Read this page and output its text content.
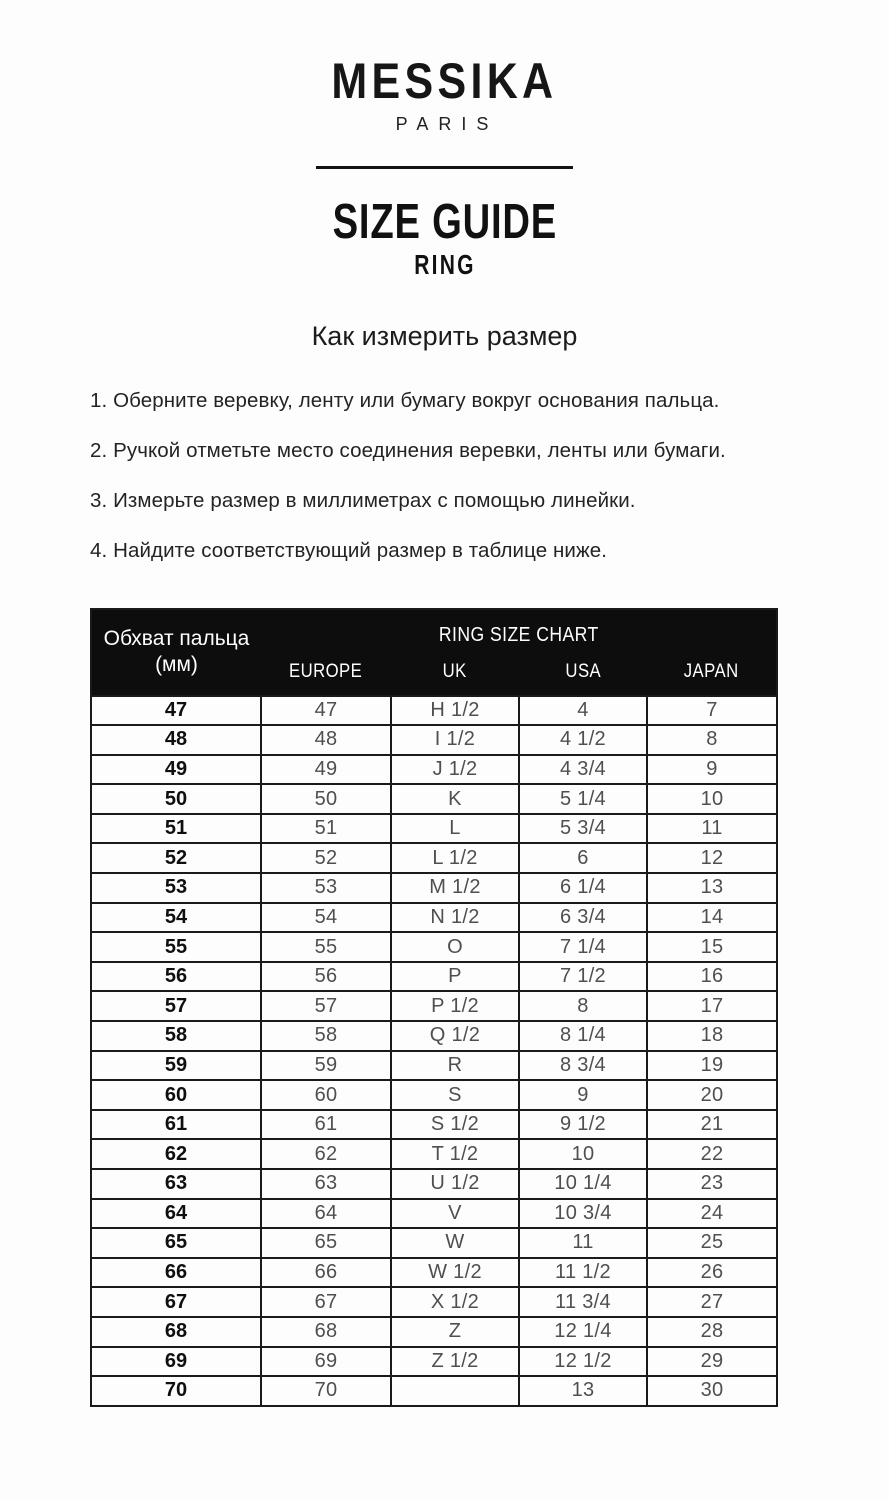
MESSIKA
PARIS
SIZE GUIDE
RING
Как измерить размер
1. Оберните веревку, ленту или бумагу вокруг основания пальца.
2. Ручкой отметьте место соединения веревки, ленты или бумаги.
3. Измерьте размер в миллиметрах с помощью линейки.
4. Найдите соответствующий размер в таблице ниже.
Обхват пальца
(мм)	RING SIZE CHART			
	EUROPE	UK	USA	JAPAN
47	47	H 1/2	4	7
48	48	I 1/2	4 1/2	8
49	49	J 1/2	4 3/4	9
50	50	K	5 1/4	10
51	51	L	5 3/4	11
52	52	L 1/2	6	12
53	53	M 1/2	6 1/4	13
54	54	N 1/2	6 3/4	14
55	55	O	7 1/4	15
56	56	P	7 1/2	16
57	57	P 1/2	8	17
58	58	Q 1/2	8 1/4	18
59	59	R	8 3/4	19
60	60	S	9	20
61	61	S 1/2	9 1/2	21
62	62	T 1/2	10	22
63	63	U 1/2	10 1/4	23
64	64	V	10 3/4	24
65	65	W	11	25
66	66	W 1/2	11 1/2	26
67	67	X 1/2	11 3/4	27
68	68	Z	12 1/4	28
69	69	Z 1/2	12 1/2	29
70	70		13	30
